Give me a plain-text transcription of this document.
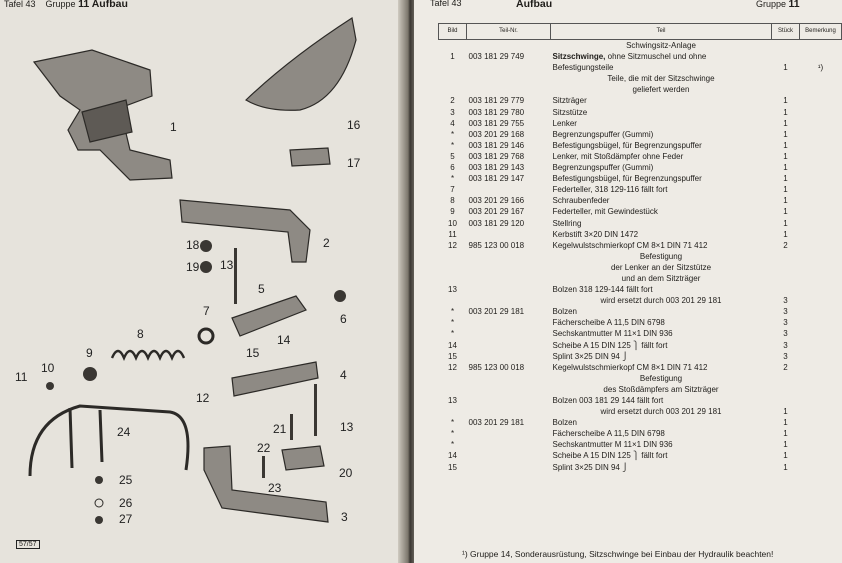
Tafel 43 Gruppe 11 Aufbau
1
2
3
4
5
6
7
8
9
10
11
12
13
13
14
15
16
17
18
19
20
21
22
23
24
25
26
27
57/57
Tafel 43	Aufbau	Gruppe 11
Bild	Teil-Nr.	Teil	Stück	Bemerkung
		Schwingsitz-Anlage		
1	003 181 29 749	Sitzschwinge, ohne Sitzmuschel und ohne		
		Befestigungsteile	1	¹)
		Teile, die mit der Sitzschwinge		
		geliefert werden		
2	003 181 29 779	Sitzträger	1	
3	003 181 29 780	Sitzstütze	1	
4	003 181 29 755	Lenker	1	
*	003 201 29 168	Begrenzungspuffer (Gummi)	1	
*	003 181 29 146	Befestigungsbügel, für Begrenzungspuffer	1	
5	003 181 29 768	Lenker, mit Stoßdämpfer ohne Feder	1	
6	003 181 29 143	Begrenzungspuffer (Gummi)	1	
*	003 181 29 147	Befestigungsbügel, für Begrenzungspuffer	1	
7		Federteller, 318 129-116 fällt fort	1	
8	003 201 29 166	Schraubenfeder	1	
9	003 201 29 167	Federteller, mit Gewindestück	1	
10	003 181 29 120	Stellring	1	
11		Kerbstift 3×20 DIN 1472	1	
12	985 123 00 018	Kegelwulstschmierkopf CM 8×1 DIN 71 412	2	
		Befestigung		
		der Lenker an der Sitzstütze		
		und an dem Sitzträger		
13		Bolzen 318 129-144 fällt fort		
		wird ersetzt durch 003 201 29 181	3	
*	003 201 29 181	Bolzen	3	
*		Fächerscheibe A 11,5 DIN 6798	3	
*		Sechskantmutter M 11×1 DIN 936	3	
14		Scheibe A 15 DIN 125 ⎫ fällt fort	3	
15		Splint 3×25 DIN 94 ⎭	3	
12	985 123 00 018	Kegelwulstschmierkopf CM 8×1 DIN 71 412	2	
		Befestigung		
		des Stoßdämpfers am Sitzträger		
13		Bolzen 003 181 29 144 fällt fort		
		wird ersetzt durch 003 201 29 181	1	
*	003 201 29 181	Bolzen	1	
*		Fächerscheibe A 11,5 DIN 6798	1	
*		Sechskantmutter M 11×1 DIN 936	1	
14		Scheibe A 15 DIN 125 ⎫ fällt fort	1	
15		Splint 3×25 DIN 94 ⎭	1	
¹) Gruppe 14, Sonderausrüstung, Sitzschwinge bei Einbau der Hydraulik beachten!
